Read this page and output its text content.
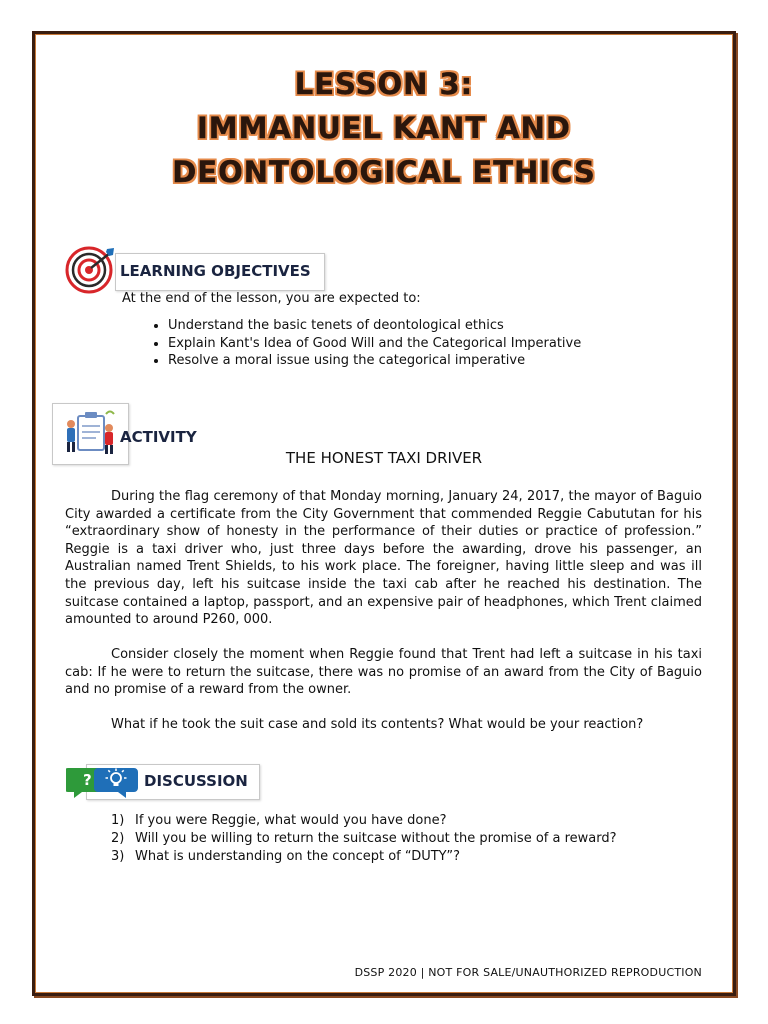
LESSON 3:
IMMANUEL KANT AND
DEONTOLOGICAL ETHICS
LEARNING OBJECTIVES
At the end of the lesson, you are expected to:
• Understand the basic tenets of deontological ethics
• Explain Kant's Idea of Good Will and the Categorical Imperative
• Resolve a moral issue using the categorical imperative
ACTIVITY
THE HONEST TAXI DRIVER
During the flag ceremony of that Monday morning, January 24, 2017, the mayor of Baguio City awarded a certificate from the City Government that commended Reggie Cabututan for his “extraordinary show of honesty in the performance of their duties or practice of profession.” Reggie is a taxi driver who, just three days before the awarding, drove his passenger, an Australian named Trent Shields, to his work place. The foreigner, having little sleep and was ill the previous day, left his suitcase inside the taxi cab after he reached his destination. The suitcase contained a laptop, passport, and an expensive pair of headphones, which Trent claimed amounted to around P260, 000.
Consider closely the moment when Reggie found that Trent had left a suitcase in his taxi cab: If he were to return the suitcase, there was no promise of an award from the City of Baguio and no promise of a reward from the owner.
What if he took the suit case and sold its contents? What would be your reaction?
?	DISCUSSION
1) If you were Reggie, what would you have done?
2) Will you be willing to return the suitcase without the promise of a reward?
3) What is understanding on the concept of “DUTY”?
DSSP 2020 | NOT FOR SALE/UNAUTHORIZED REPRODUCTION
